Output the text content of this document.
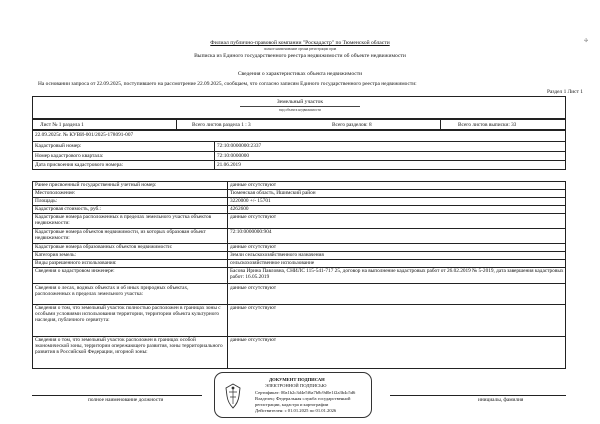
✢
Филиал публично-правовой компании "Роскадастр" по Тюменской области
полное наименование органа регистрации прав
Выписка из Единого государственного реестра недвижимости об объекте недвижимости
Сведения о характеристиках объекта недвижимости
На основании запроса от 22.09.2025, поступившего на рассмотрение 22.09.2025, сообщаем, что согласно записям Единого государственного реестра недвижимости:
Раздел 1 Лист 1
Земельный участок
вид объекта недвижимости
Лист № 1 раздела 1	Всего листов раздела 1 : 3	Всего разделов: 8	Всего листов выписки: 33
22.09.2025г. № КУВИ-001/2025-178091-007
Кадастровый номер:	72:10:0000000:2337
Номер кадастрового квартала:	72:10:0000000
Дата присвоения кадастрового номера:	21.06.2019
Ранее присвоенный государственный учетный номер:	данные отсутствуют
Местоположение:	Тюменская область, Ишимский район
Площадь:	3220000 +/- 15701
Кадастровая стоимость, руб.:	4262600
Кадастровые номера расположенных в пределах земельного участка объектов недвижимости:
данные отсутствуют
Кадастровые номера объектов недвижимости, из которых образован объект недвижимости:
72:10:0000000:904
Кадастровые номера образованных объектов недвижимости:	данные отсутствуют
Категория земель:	Земли сельскохозяйственного назначения
Виды разрешенного использования:	сельскохозяйственное использование
Сведения о кадастровом инженере:	Басова Ирина Павловна, СНИЛС 115-541-717 25, договор на выполнение кадастровых работ от 26.02.2019 № 5-2019, дата завершения кадастровых работ: 16.05.2019
Сведения о лесах, водных объектах и об иных природных объектах, расположенных в пределах земельного участка:
данные отсутствуют
Сведения о том, что земельный участок полностью расположен в границах зоны с особыми условиями использования территории, территории объекта культурного наследия, публичного сервитута:
данные отсутствуют
Сведения о том, что земельный участок расположен в границах особой экономической зоны, территории опережающего развития, зоны территориального развития в Российской Федерации, игорной зоны:
данные отсутствуют
полное наименование должности	инициалы, фамилия
ДОКУМЕНТ ПОДПИСАН
ЭЛЕКТРОННОЙ ПОДПИСЬЮ
Сертификат: 00a1b2c3d4e5f6a7b8c9d0e1f2a3b4c5d6
Владелец: Федеральная служба государственной
регистрации, кадастра и картографии
Действителен: с 01.01.2025 по 01.01.2026
